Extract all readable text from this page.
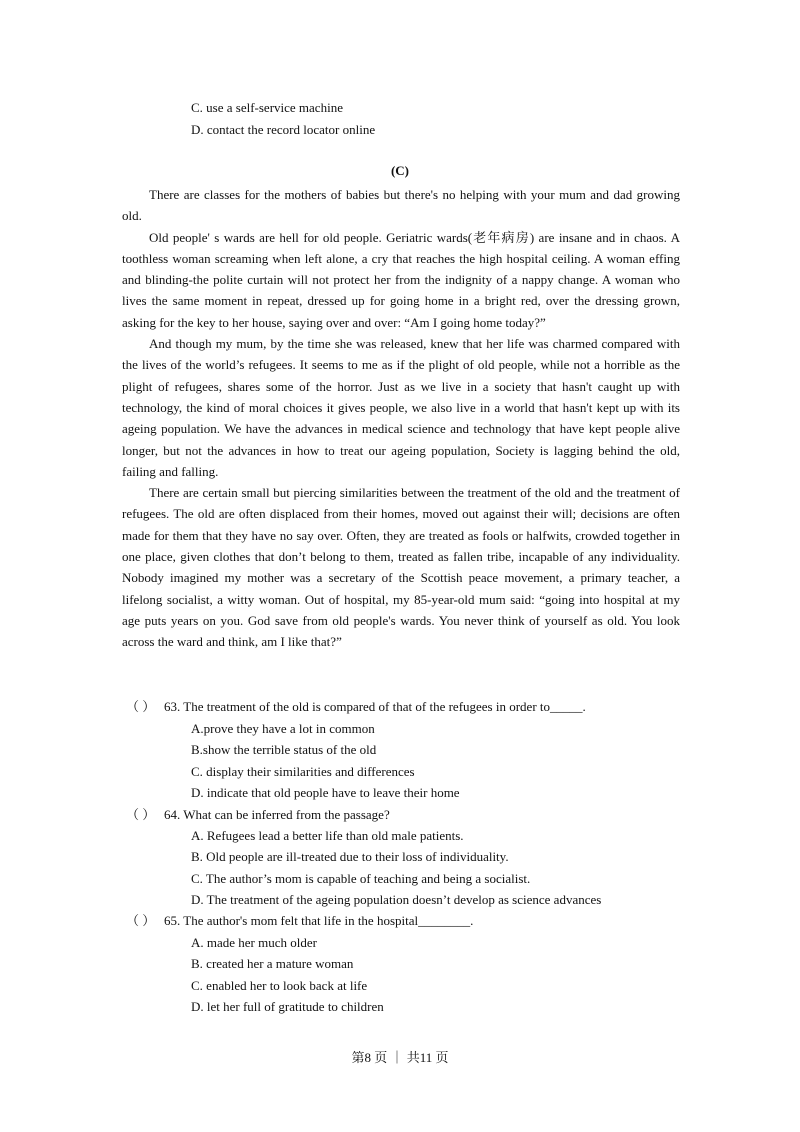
C. use a self-service machine
D. contact the record locator online
(C)

There are classes for the mothers of babies but there's no helping with your mum and dad growing old.

Old people' s wards are hell for old people. Geriatric wards(老年病房) are insane and in chaos. A toothless woman screaming when left alone, a cry that reaches the high hospital ceiling. A woman effing and blinding-the polite curtain will not protect her from the indignity of a nappy change. A woman who lives the same moment in repeat, dressed up for going home in a bright red, over the dressing grown, asking for the key to her house, saying over and over: “Am I going home today?”

And though my mum, by the time she was released, knew that her life was charmed compared with the lives of the world’s refugees. It seems to me as if the plight of old people, while not a horrible as the plight of refugees, shares some of the horror. Just as we live in a society that hasn't caught up with technology, the kind of moral choices it gives people, we also live in a world that hasn't kept up with its ageing population. We have the advances in medical science and technology that have kept people alive longer, but not the advances in how to treat our ageing population, Society is lagging behind the old, failing and falling.

There are certain small but piercing similarities between the treatment of the old and the treatment of refugees. The old are often displaced from their homes, moved out against their will; decisions are often made for them that they have no say over. Often, they are treated as fools or halfwits, crowded together in one place, given clothes that don’t belong to them, treated as fallen tribe, incapable of any individuality. Nobody imagined my mother was a secretary of the Scottish peace movement, a primary teacher, a lifelong socialist, a witty woman. Out of hospital, my 85-year-old mum said: “going into hospital at my age puts years on you. God save from old people's wards. You never think of yourself as old. You look across the ward and think, am I like that?”

（ ） 63. The treatment of the old is compared of that of the refugees in order to_____.
A.prove they have a lot in common
B.show the terrible status of the old
C. display their similarities and differences
D. indicate that old people have to leave their home
（ ） 64. What can be inferred from the passage?
A. Refugees lead a better life than old male patients.
B. Old people are ill-treated due to their loss of individuality.
C. The author’s mom is capable of teaching and being a socialist.
D. The treatment of the ageing population doesn’t develop as science advances
（ ） 65. The author's mom felt that life in the hospital________.
A. made her much older
B. created her a mature woman
C. enabled her to look back at life
D. let her full of gratitude to children
第8 页 ｜ 共11 页
